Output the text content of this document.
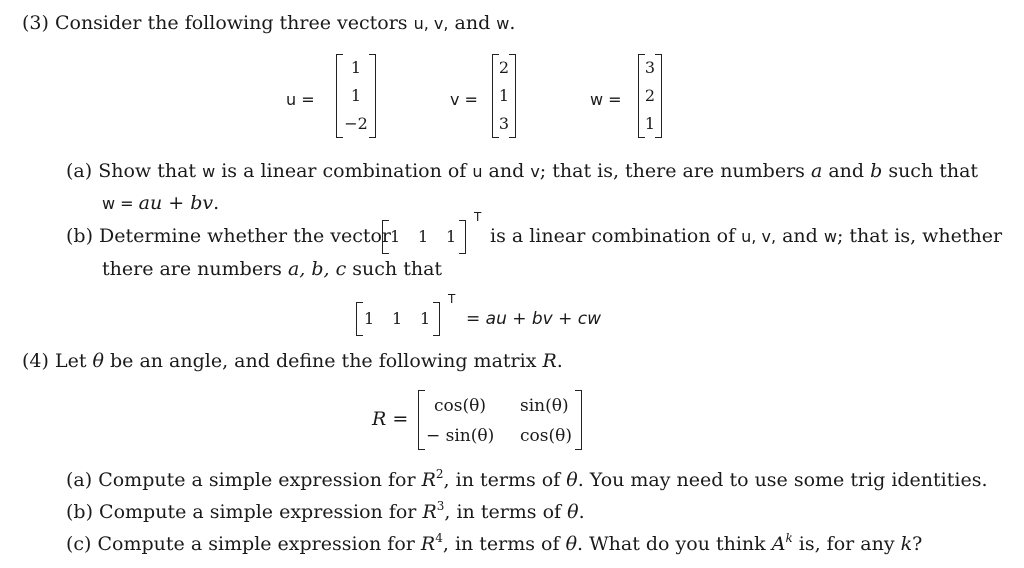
(3) Consider the following three vectors u, v, and w.
u =
1
1
−2
v =
2
1
3
w =
3
2
1
(a) Show that w is a linear combination of u and v; that is, there are numbers a and b such that
w = au + bv.
(b) Determine whether the vector
1 1 1
T
is a linear combination of u, v, and w; that is, whether
there are numbers a, b, c such that
1 1 1
T
= au + bv + cw
(4) Let θ be an angle, and define the following matrix R.
R =
cos(θ) sin(θ)
− sin(θ) cos(θ)
(a) Compute a simple expression for $R^2$, in terms of θ. You may need to use some trig identities.
(b) Compute a simple expression for $R^3$, in terms of θ.
(c) Compute a simple expression for $R^4$, in terms of θ. What do you think $A^k$ is, for any k?
